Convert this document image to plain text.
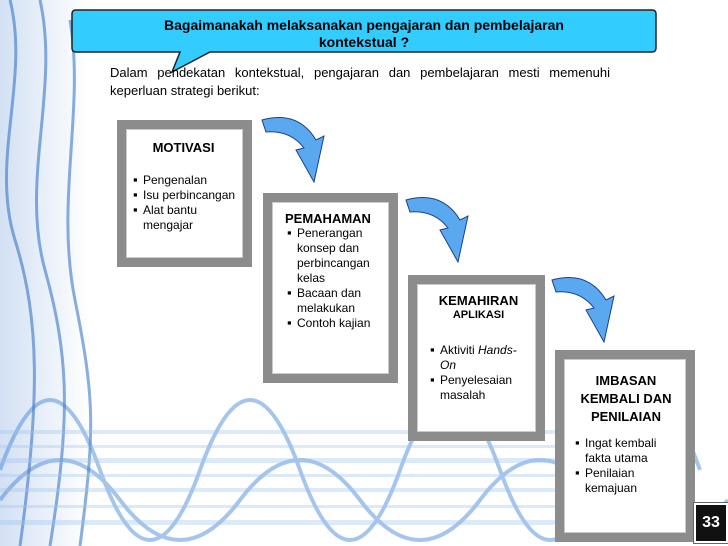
Bagaimanakah melaksanakan pengajaran dan pembelajaran
kontekstual ?
Dalam pendekatan kontekstual, pengajaran dan pembelajaran mesti memenuhi keperluan strategi berikut:
MOTIVASI
▪ Pengenalan
▪ Isu perbincangan
▪ Alat bantu mengajar	PEMAHAMAN
▪ Penerangan konsep dan perbincangan kelas
▪ Bacaan dan melakukan
▪ Contoh kajian
KEMAHIRAN
APLIKASI
▪ Aktiviti Hands-On
▪ Penyelesaian masalah
IMBASAN KEMBALI DAN PENILAIAN
▪ Ingat kembali fakta utama
▪ Penilaian kemajuan
33
